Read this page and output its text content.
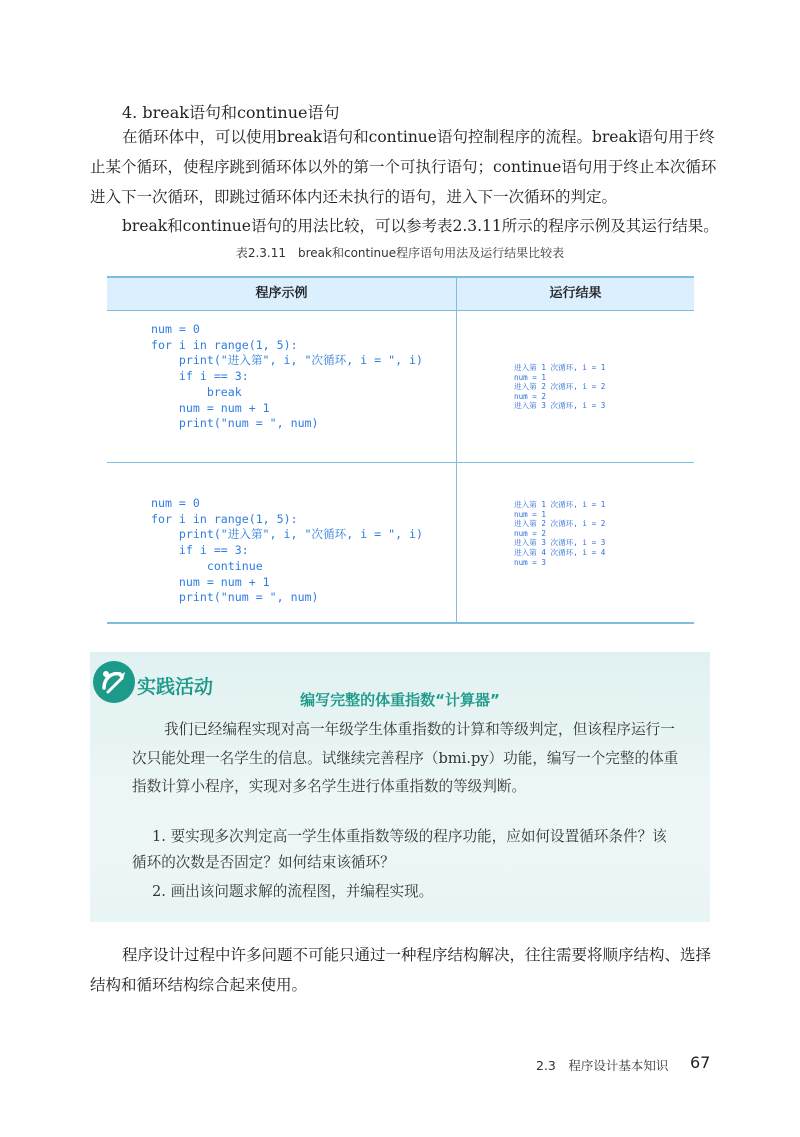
4. break语句和continue语句
在循环体中，可以使用break语句和continue语句控制程序的流程。break语句用于终止某个循环，使程序跳到循环体以外的第一个可执行语句；continue语句用于终止本次循环进入下一次循环，即跳过循环体内还未执行的语句，进入下一次循环的判定。
break和continue语句的用法比较，可以参考表2.3.11所示的程序示例及其运行结果。
表2.3.11　break和continue程序语句用法及运行结果比较表
程序示例	运行结果
num = 0
for i in range(1, 5):
print("进入第", i, "次循环, i = ", i)
if i == 3:
break
num = num + 1
print("num = ", num)
进入第 1 次循环, i = 1
num = 1
进入第 2 次循环, i = 2
num = 2
进入第 3 次循环, i = 3
num = 0
for i in range(1, 5):
print("进入第", i, "次循环, i = ", i)
if i == 3:
continue
num = num + 1
print("num = ", num)
进入第 1 次循环, i = 1
num = 1
进入第 2 次循环, i = 2
num = 2
进入第 3 次循环, i = 3
进入第 4 次循环, i = 4
num = 3
实践活动
编写完整的体重指数“计算器”
我们已经编程实现对高一年级学生体重指数的计算和等级判定，但该程序运行一次只能处理一名学生的信息。试继续完善程序（bmi.py）功能，编写一个完整的体重指数计算小程序，实现对多名学生进行体重指数的等级判断。
1. 要实现多次判定高一学生体重指数等级的程序功能，应如何设置循环条件？该循环的次数是否固定？如何结束该循环？
2. 画出该问题求解的流程图，并编程实现。
程序设计过程中许多问题不可能只通过一种程序结构解决，往往需要将顺序结构、选择结构和循环结构综合起来使用。
2.3　程序设计基本知识 67
